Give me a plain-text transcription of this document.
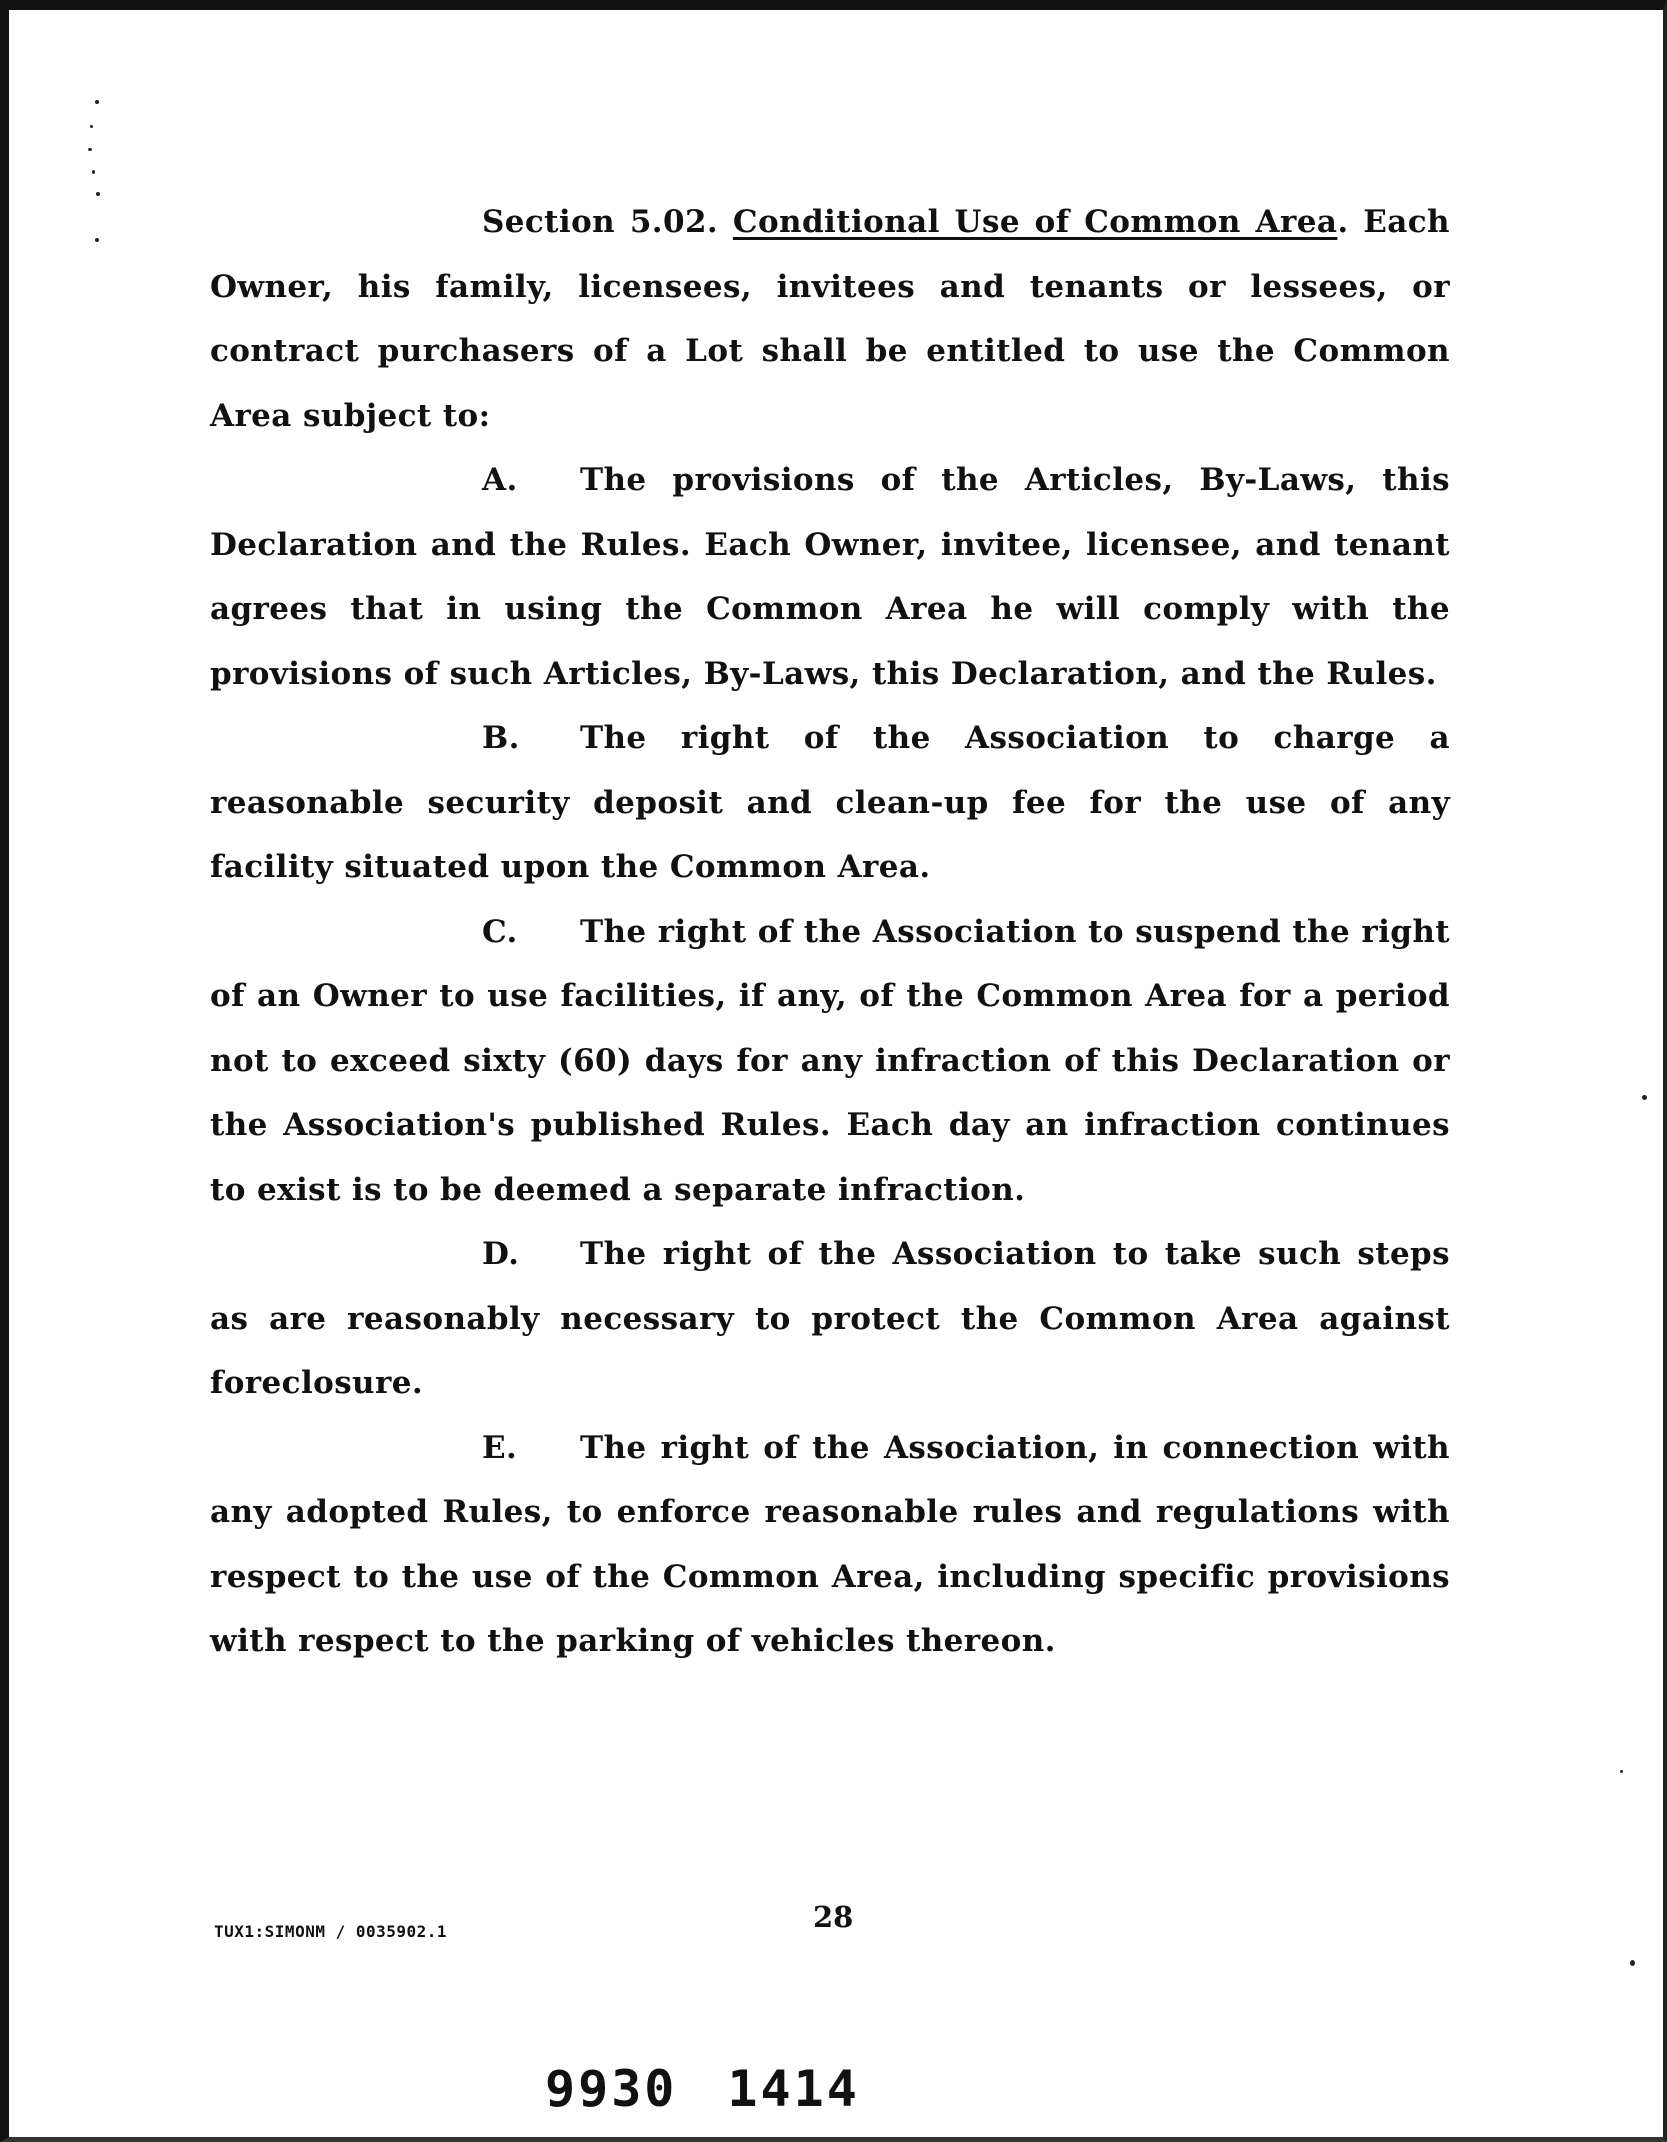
Section 5.02. Conditional Use of Common Area. Each Owner, his family, licensees, invitees and tenants or lessees, or contract purchasers of a Lot shall be entitled to use the Common Area subject to:

A. The provisions of the Articles, By-Laws, this Declaration and the Rules. Each Owner, invitee, licensee, and tenant agrees that in using the Common Area he will comply with the provisions of such Articles, By-Laws, this Declaration, and the Rules.

B. The right of the Association to charge a reasonable security deposit and clean-up fee for the use of any facility situated upon the Common Area.

C. The right of the Association to suspend the right of an Owner to use facilities, if any, of the Common Area for a period not to exceed sixty (60) days for any infraction of this Declaration or the Association's published Rules. Each day an infraction continues to exist is to be deemed a separate infraction.

D. The right of the Association to take such steps as are reasonably necessary to protect the Common Area against foreclosure.

E. The right of the Association, in connection with any adopted Rules, to enforce reasonable rules and regulations with respect to the use of the Common Area, including specific provisions with respect to the parking of vehicles thereon.

TUX1:SIMONM / 0035902.1	28
9930 1414
